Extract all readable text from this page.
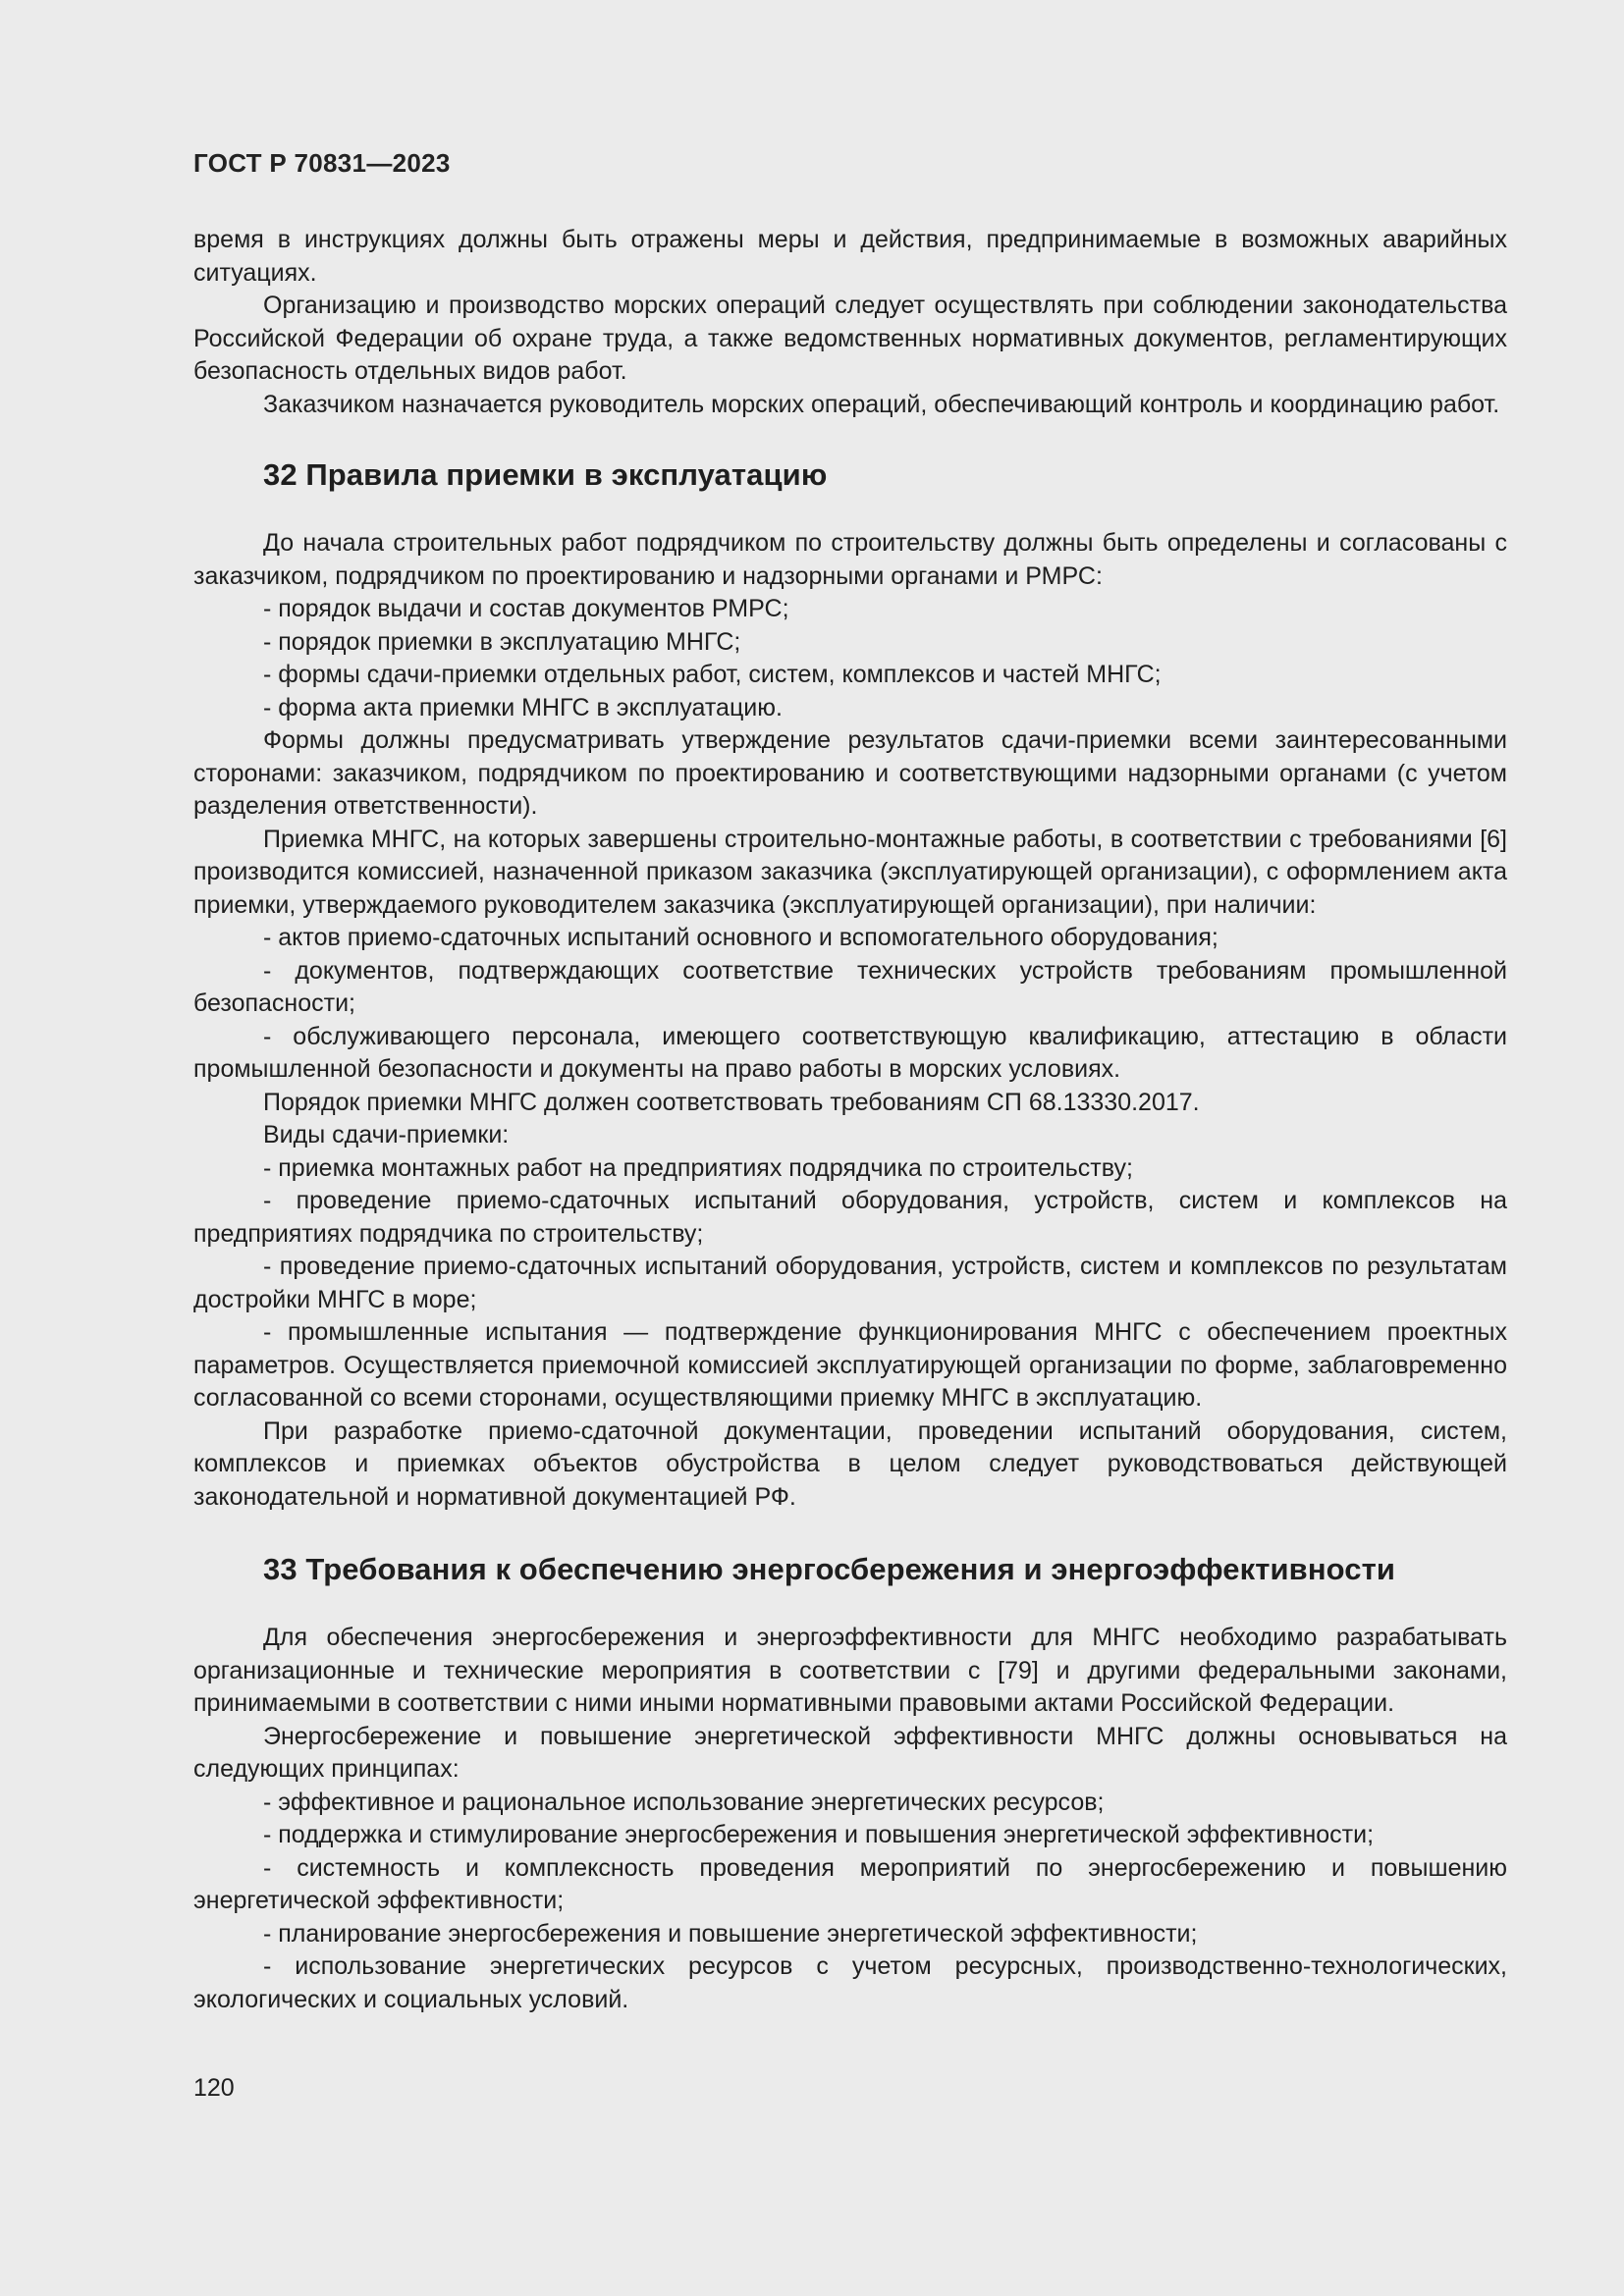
ГОСТ Р 70831—2023

время в инструкциях должны быть отражены меры и действия, предпринимаемые в возможных аварийных ситуациях.

Организацию и производство морских операций следует осуществлять при соблюдении законодательства Российской Федерации об охране труда, а также ведомственных нормативных документов, регламентирующих безопасность отдельных видов работ.

Заказчиком назначается руководитель морских операций, обеспечивающий контроль и координацию работ.

32 Правила приемки в эксплуатацию

До начала строительных работ подрядчиком по строительству должны быть определены и согласованы с заказчиком, подрядчиком по проектированию и надзорными органами и РМРС:

- порядок выдачи и состав документов РМРС;

- порядок приемки в эксплуатацию МНГС;

- формы сдачи-приемки отдельных работ, систем, комплексов и частей МНГС;

- форма акта приемки МНГС в эксплуатацию.

Формы должны предусматривать утверждение результатов сдачи-приемки всеми заинтересованными сторонами: заказчиком, подрядчиком по проектированию и соответствующими надзорными органами (с учетом разделения ответственности).

Приемка МНГС, на которых завершены строительно-монтажные работы, в соответствии с требованиями [6] производится комиссией, назначенной приказом заказчика (эксплуатирующей организации), с оформлением акта приемки, утверждаемого руководителем заказчика (эксплуатирующей организации), при наличии:

- актов приемо-сдаточных испытаний основного и вспомогательного оборудования;

- документов, подтверждающих соответствие технических устройств требованиям промышленной безопасности;

- обслуживающего персонала, имеющего соответствующую квалификацию, аттестацию в области промышленной безопасности и документы на право работы в морских условиях.

Порядок приемки МНГС должен соответствовать требованиям СП 68.13330.2017.

Виды сдачи-приемки:

- приемка монтажных работ на предприятиях подрядчика по строительству;

- проведение приемо-сдаточных испытаний оборудования, устройств, систем и комплексов на предприятиях подрядчика по строительству;

- проведение приемо-сдаточных испытаний оборудования, устройств, систем и комплексов по результатам достройки МНГС в море;

- промышленные испытания — подтверждение функционирования МНГС с обеспечением проектных параметров. Осуществляется приемочной комиссией эксплуатирующей организации по форме, заблаговременно согласованной со всеми сторонами, осуществляющими приемку МНГС в эксплуатацию.

При разработке приемо-сдаточной документации, проведении испытаний оборудования, систем, комплексов и приемках объектов обустройства в целом следует руководствоваться действующей законодательной и нормативной документацией РФ.

33 Требования к обеспечению энергосбережения и энергоэффективности

Для обеспечения энергосбережения и энергоэффективности для МНГС необходимо разрабатывать организационные и технические мероприятия в соответствии с [79] и другими федеральными законами, принимаемыми в соответствии с ними иными нормативными правовыми актами Российской Федерации.

Энергосбережение и повышение энергетической эффективности МНГС должны основываться на следующих принципах:

- эффективное и рациональное использование энергетических ресурсов;

- поддержка и стимулирование энергосбережения и повышения энергетической эффективности;

- системность и комплексность проведения мероприятий по энергосбережению и повышению энергетической эффективности;

- планирование энергосбережения и повышение энергетической эффективности;

- использование энергетических ресурсов с учетом ресурсных, производственно-технологических, экологических и социальных условий.

120
